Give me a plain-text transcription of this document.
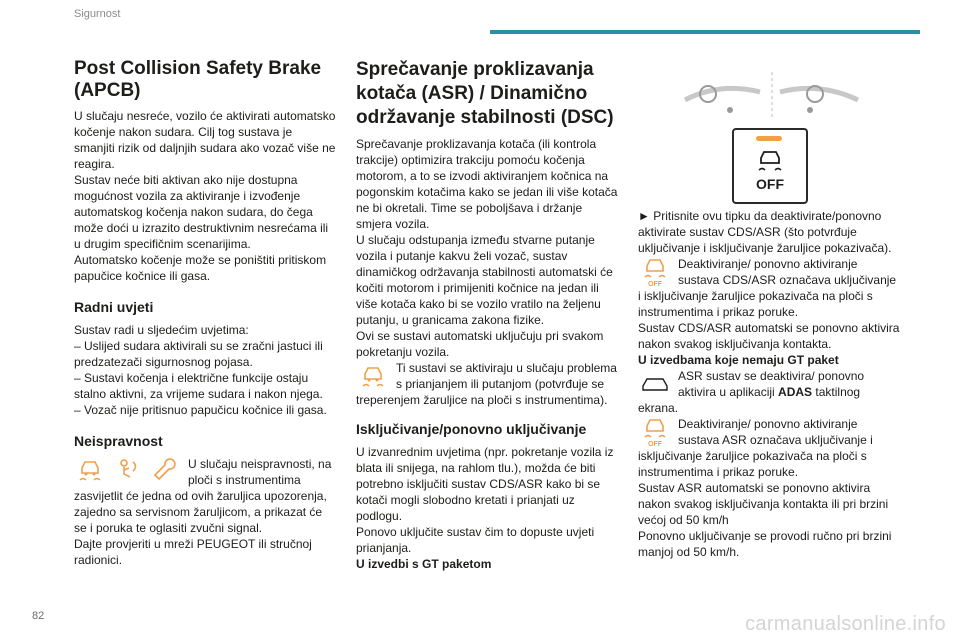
Sigurnost
Post Collision Safety Brake (APCB)

U slučaju nesreće, vozilo će aktivirati automatsko kočenje nakon sudara. Cilj tog sustava je smanjiti rizik od daljnjih sudara ako vozač više ne reagira.

Sustav neće biti aktivan ako nije dostupna mogućnost vozila za aktiviranje i izvođenje automatskog kočenja nakon sudara, do čega može doći u izrazito destruktivnim nesrećama ili u drugim specifičnim scenarijima.

Automatsko kočenje može se poništiti pritiskom papučice kočnice ili gasa.

Radni uvjeti

Sustav radi u sljedećim uvjetima:

– Uslijed sudara aktivirali su se zračni jastuci ili predzatezači sigurnosnog pojasa.

– Sustavi kočenja i električne funkcije ostaju stalno aktivni, za vrijeme sudara i nakon njega.

– Vozač nije pritisnuo papučicu kočnice ili gasa.

Neispravnost

U slučaju neispravnosti, na ploči s instrumentima zasvijetlit će jedna od ovih žaruljica upozorenja, zajedno sa servisnom žaruljicom, a prikazat će se i poruka te oglasiti zvučni signal.

Dajte provjeriti u mreži PEUGEOT ili stručnoj radionici.

Sprečavanje proklizavanja kotača (ASR) / Dinamično održavanje stabilnosti (DSC)

Sprečavanje proklizavanja kotača (ili kontrola trakcije) optimizira trakciju pomoću kočenja motorom, a to se izvodi aktiviranjem kočnica na pogonskim kotačima kako se jedan ili više kotača ne bi okretali. Time se poboljšava i držanje smjera vozila.

U slučaju odstupanja između stvarne putanje vozila i putanje kakvu želi vozač, sustav dinamičkog održavanja stabilnosti automatski će kočiti motorom i primijeniti kočnice na jedan ili više kotača kako bi se vozilo vratilo na željenu putanju, u granicama zakona fizike.

Ovi se sustavi automatski uključuju pri svakom pokretanju vozila.

Ti sustavi se aktiviraju u slučaju problema s prianjanjem ili putanjom (potvrđuje se treperenjem žaruljice na ploči s instrumentima).

Isključivanje/ponovno uključivanje

U izvanrednim uvjetima (npr. pokretanje vozila iz blata ili snijega, na rahlom tlu.), možda će biti potrebno isključiti sustav CDS/ASR kako bi se kotači mogli slobodno kretati i prianjati uz podlogu.

Ponovo uključite sustav čim to dopuste uvjeti prianjanja.

U izvedbi s GT paketom

OFF

► Pritisnite ovu tipku da deaktivirate/ponovno aktivirate sustav CDS/ASR (što potvrđuje uključivanje i isključivanje žaruljice pokazivača).

OFF

Deaktiviranje/ ponovno aktiviranje sustava CDS/ASR označava uključivanje i isključivanje žaruljice pokazivača na ploči s instrumentima i prikaz poruke.

Sustav CDS/ASR automatski se ponovno aktivira nakon svakog isključivanja kontakta.

U izvedbama koje nemaju GT paket

ASR sustav se deaktivira/ ponovno aktivira u aplikaciji ADAS taktilnog ekrana.

OFF

Deaktiviranje/ ponovno aktiviranje sustava ASR označava uključivanje i isključivanje žaruljice pokazivača na ploči s instrumentima i prikaz poruke.

Sustav ASR automatski se ponovno aktivira nakon svakog isključivanja kontakta ili pri brzini većoj od 50 km/h

Ponovno uključivanje se provodi ručno pri brzini manjoj od 50 km/h.

82	carmanualsonline.info
